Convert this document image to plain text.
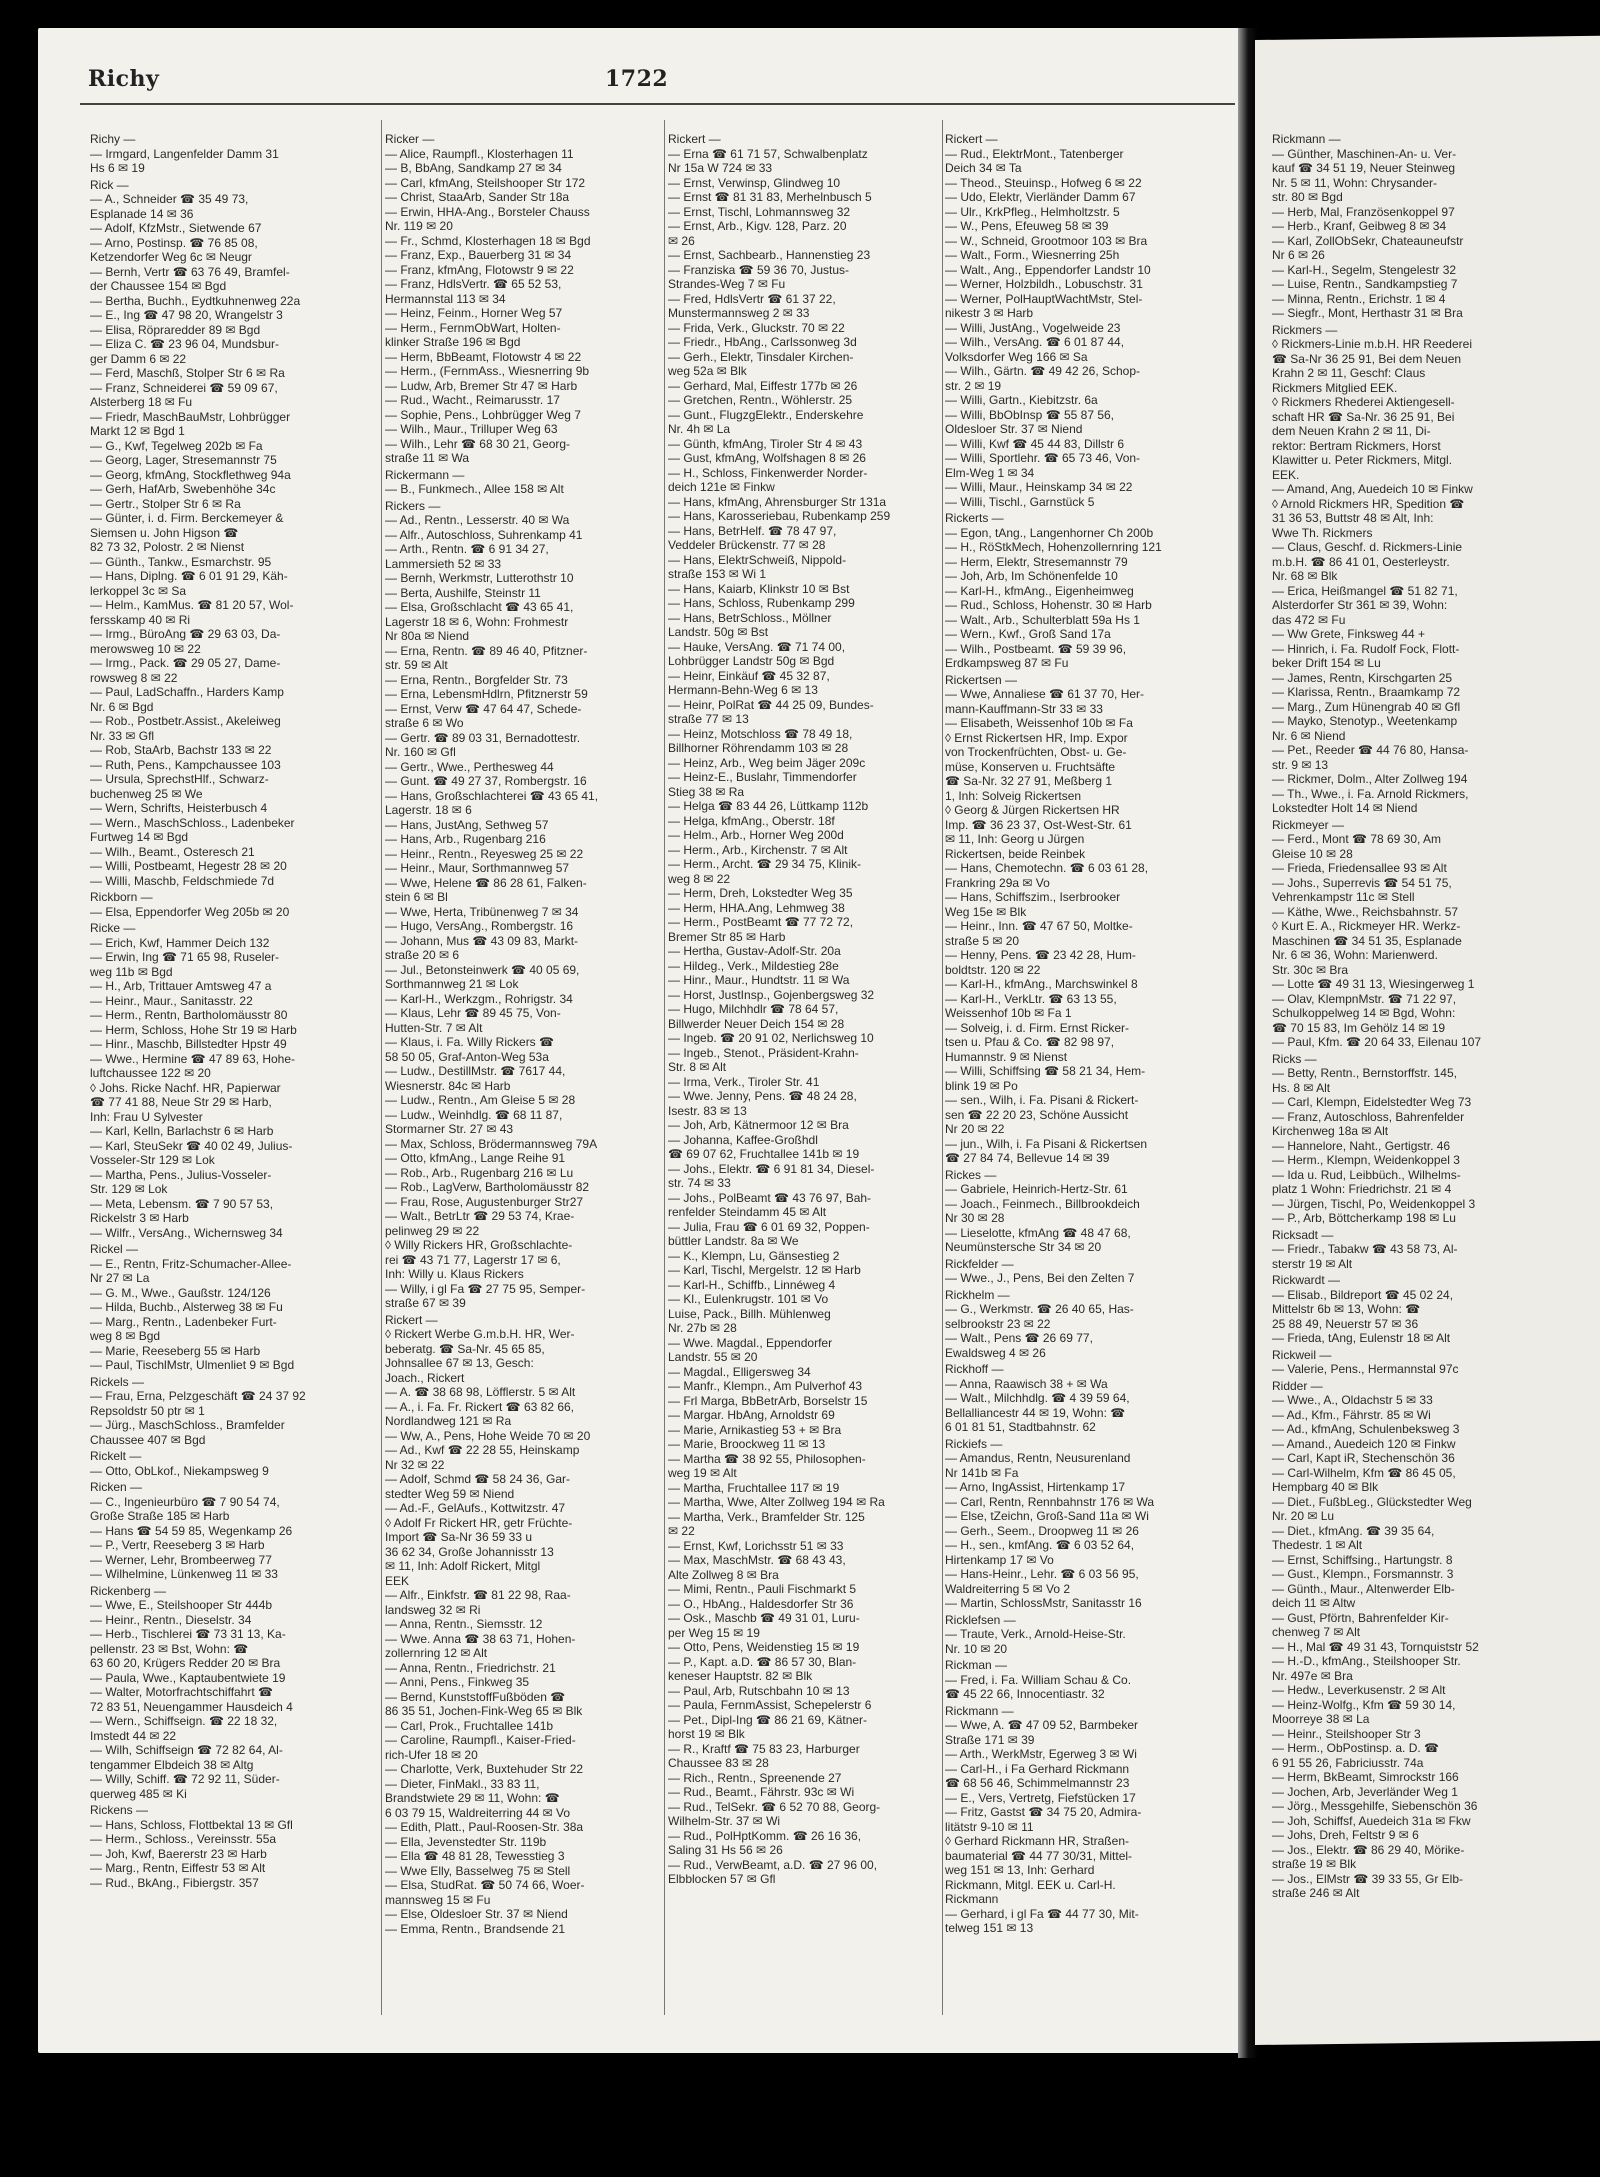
Richy	1722
Richy —
— Irmgard, Langenfelder Damm 31
Hs 6 ✉ 19
Rick —
— A., Schneider ☎ 35 49 73,
Esplanade 14 ✉ 36
— Adolf, KfzMstr., Sietwende 67
— Arno, Postinsp. ☎ 76 85 08,
Ketzendorfer Weg 6c ✉ Neugr
— Bernh, Vertr ☎ 63 76 49, Bramfel-
der Chaussee 154 ✉ Bgd
— Bertha, Buchh., Eydtkuhnenweg 22a
— E., Ing ☎ 47 98 20, Wrangelstr 3
— Elisa, Röpraredder 89 ✉ Bgd
— Eliza C. ☎ 23 96 04, Mundsbur-
ger Damm 6 ✉ 22
— Ferd, Maschß, Stolper Str 6 ✉ Ra
— Franz, Schneiderei ☎ 59 09 67,
Alsterberg 18 ✉ Fu
— Friedr, MaschBauMstr, Lohbrügger
Markt 12 ✉ Bgd 1
— G., Kwf, Tegelweg 202b ✉ Fa
— Georg, Lager, Stresemannstr 75
— Georg, kfmAng, Stockflethweg 94a
— Gerh, HafArb, Swebenhöhe 34c
— Gertr., Stolper Str 6 ✉ Ra
— Günter, i. d. Firm. Berckemeyer &
Siemsen u. John Higson ☎
82 73 32, Polostr. 2 ✉ Nienst
— Günth., Tankw., Esmarchstr. 95
— Hans, Diplng. ☎ 6 01 91 29, Käh-
lerkoppel 3c ✉ Sa
— Helm., KamMus. ☎ 81 20 57, Wol-
fersskamp 40 ✉ Ri
— Irmg., BüroAng ☎ 29 63 03, Da-
merowsweg 10 ✉ 22
— Irmg., Pack. ☎ 29 05 27, Dame-
rowsweg 8 ✉ 22
— Paul, LadSchaffn., Harders Kamp
Nr. 6 ✉ Bgd
— Rob., Postbetr.Assist., Akeleiweg
Nr. 33 ✉ Gfl
— Rob, StaArb, Bachstr 133 ✉ 22
— Ruth, Pens., Kampchaussee 103
— Ursula, SprechstHlf., Schwarz-
buchenweg 25 ✉ We
— Wern, Schrifts, Heisterbusch 4
— Wern., MaschSchloss., Ladenbeker
Furtweg 14 ✉ Bgd
— Wilh., Beamt., Osteresch 21
— Willi, Postbeamt, Hegestr 28 ✉ 20
— Willi, Maschb, Feldschmiede 7d
Rickborn —
— Elsa, Eppendorfer Weg 205b ✉ 20
Ricke —
— Erich, Kwf, Hammer Deich 132
— Erwin, Ing ☎ 71 65 98, Ruseler-
weg 11b ✉ Bgd
— H., Arb, Trittauer Amtsweg 47 a
— Heinr., Maur., Sanitasstr. 22
— Herm., Rentn, Bartholomäusstr 80
— Herm, Schloss, Hohe Str 19 ✉ Harb
— Hinr., Maschb, Billstedter Hpstr 49
— Wwe., Hermine ☎ 47 89 63, Hohe-
luftchaussee 122 ✉ 20
◊ Johs. Ricke Nachf. HR, Papierwar
☎ 77 41 88, Neue Str 29 ✉ Harb,
Inh: Frau U Sylvester
— Karl, Kelln, Barlachstr 6 ✉ Harb
— Karl, SteuSekr ☎ 40 02 49, Julius-
Vosseler-Str 129 ✉ Lok
— Martha, Pens., Julius-Vosseler-
Str. 129 ✉ Lok
— Meta, Lebensm. ☎ 7 90 57 53,
Rickelstr 3 ✉ Harb
— Wilfr., VersAng., Wichernsweg 34
Rickel —
— E., Rentn, Fritz-Schumacher-Allee-
Nr 27 ✉ La
— G. M., Wwe., Gaußstr. 124/126
— Hilda, Buchb., Alsterweg 38 ✉ Fu
— Marg., Rentn., Ladenbeker Furt-
weg 8 ✉ Bgd
— Marie, Reeseberg 55 ✉ Harb
— Paul, TischlMstr, Ulmenliet 9 ✉ Bgd
Rickels —
— Frau, Erna, Pelzgeschäft ☎ 24 37 92
Repsoldstr 50 ptr ✉ 1
— Jürg., MaschSchloss., Bramfelder
Chaussee 407 ✉ Bgd
Rickelt —
— Otto, ObLkof., Niekampsweg 9
Ricken —
— C., Ingenieurbüro ☎ 7 90 54 74,
Große Straße 185 ✉ Harb
— Hans ☎ 54 59 85, Wegenkamp 26
— P., Vertr, Reeseberg 3 ✉ Harb
— Werner, Lehr, Brombeerweg 77
— Wilhelmine, Lünkenweg 11 ✉ 33
Rickenberg —
— Wwe, E., Steilshooper Str 444b
— Heinr., Rentn., Dieselstr. 34
— Herb., Tischlerei ☎ 73 31 13, Ka-
pellenstr. 23 ✉ Bst, Wohn: ☎
63 60 20, Krügers Redder 20 ✉ Bra
— Paula, Wwe., Kaptaubentwiete 19
— Walter, Motorfrachtschiffahrt ☎
72 83 51, Neuengammer Hausdeich 4
— Wern., Schiffseign. ☎ 22 18 32,
Imstedt 44 ✉ 22
— Wilh, Schiffseign ☎ 72 82 64, Al-
tengammer Elbdeich 38 ✉ Altg
— Willy, Schiff. ☎ 72 92 11, Süder-
querweg 485 ✉ Ki
Rickens —
— Hans, Schloss, Flottbektal 13 ✉ Gfl
— Herm., Schloss., Vereinsstr. 55a
— Joh, Kwf, Baererstr 23 ✉ Harb
— Marg., Rentn, Eiffestr 53 ✉ Alt
— Rud., BkAng., Fibiergstr. 357
Ricker —
— Alice, Raumpfl., Klosterhagen 11
— B, BbAng, Sandkamp 27 ✉ 34
— Carl, kfmAng, Steilshooper Str 172
— Christ, StaaArb, Sander Str 18a
— Erwin, HHA-Ang., Borsteler Chauss
Nr. 119 ✉ 20
— Fr., Schmd, Klosterhagen 18 ✉ Bgd
— Franz, Exp., Bauerberg 31 ✉ 34
— Franz, kfmAng, Flotowstr 9 ✉ 22
— Franz, HdlsVertr. ☎ 65 52 53,
Hermannstal 113 ✉ 34
— Heinz, Feinm., Horner Weg 57
— Herm., FernmObWart, Holten-
klinker Straße 196 ✉ Bgd
— Herm, BbBeamt, Flotowstr 4 ✉ 22
— Herm., (FernmAss., Wiesnerring 9b
— Ludw, Arb, Bremer Str 47 ✉ Harb
— Rud., Wacht., Reimarusstr. 17
— Sophie, Pens., Lohbrügger Weg 7
— Wilh., Maur., Trilluper Weg 63
— Wilh., Lehr ☎ 68 30 21, Georg-
straße 11 ✉ Wa
Rickermann —
— B., Funkmech., Allee 158 ✉ Alt
Rickers —
— Ad., Rentn., Lesserstr. 40 ✉ Wa
— Alfr., Autoschloss, Suhrenkamp 41
— Arth., Rentn. ☎ 6 91 34 27,
Lammersieth 52 ✉ 33
— Bernh, Werkmstr, Lutterothstr 10
— Berta, Aushilfe, Steinstr 11
— Elsa, Großschlacht ☎ 43 65 41,
Lagerstr 18 ✉ 6, Wohn: Frohmestr
Nr 80a ✉ Niend
— Erna, Rentn. ☎ 89 46 40, Pfitzner-
str. 59 ✉ Alt
— Erna, Rentn., Borgfelder Str. 73
— Erna, LebensmHdlrn, Pfitznerstr 59
— Ernst, Verw ☎ 47 64 47, Schede-
straße 6 ✉ Wo
— Gertr. ☎ 89 03 31, Bernadottestr.
Nr. 160 ✉ Gfl
— Gertr., Wwe., Perthesweg 44
— Gunt. ☎ 49 27 37, Rombergstr. 16
— Hans, Großschlachterei ☎ 43 65 41,
Lagerstr. 18 ✉ 6
— Hans, JustAng, Sethweg 57
— Hans, Arb., Rugenbarg 216
— Heinr., Rentn., Reyesweg 25 ✉ 22
— Heinr., Maur, Sorthmannweg 57
— Wwe, Helene ☎ 86 28 61, Falken-
stein 6 ✉ Bl
— Wwe, Herta, Tribünenweg 7 ✉ 34
— Hugo, VersAng., Rombergstr. 16
— Johann, Mus ☎ 43 09 83, Markt-
straße 20 ✉ 6
— Jul., Betonsteinwerk ☎ 40 05 69,
Sorthmannweg 21 ✉ Lok
— Karl-H., Werkzgm., Rohrigstr. 34
— Klaus, Lehr ☎ 89 45 75, Von-
Hutten-Str. 7 ✉ Alt
— Klaus, i. Fa. Willy Rickers ☎
58 50 05, Graf-Anton-Weg 53a
— Ludw., DestillMstr. ☎ 7617 44,
Wiesnerstr. 84c ✉ Harb
— Ludw., Rentn., Am Gleise 5 ✉ 28
— Ludw., Weinhdlg. ☎ 68 11 87,
Stormarner Str. 27 ✉ 43
— Max, Schloss, Brödermannsweg 79A
— Otto, kfmAng., Lange Reihe 91
— Rob., Arb., Rugenbarg 216 ✉ Lu
— Rob., LagVerw, Bartholomäusstr 82
— Frau, Rose, Augustenburger Str27
— Walt., BetrLtr ☎ 29 53 74, Krae-
pelinweg 29 ✉ 22
◊ Willy Rickers HR, Großschlachte-
rei ☎ 43 71 77, Lagerstr 17 ✉ 6,
Inh: Willy u. Klaus Rickers
— Willy, i gl Fa ☎ 27 75 95, Semper-
straße 67 ✉ 39
Rickert —
◊ Rickert Werbe G.m.b.H. HR, Wer-
beberatg. ☎ Sa-Nr. 45 65 85,
Johnsallee 67 ✉ 13, Gesch:
Joach., Rickert
— A. ☎ 38 68 98, Löfflerstr. 5 ✉ Alt
— A., i. Fa. Fr. Rickert ☎ 63 82 66,
Nordlandweg 121 ✉ Ra
— Ww, A., Pens, Hohe Weide 70 ✉ 20
— Ad., Kwf ☎ 22 28 55, Heinskamp
Nr 32 ✉ 22
— Adolf, Schmd ☎ 58 24 36, Gar-
stedter Weg 59 ✉ Niend
— Ad.-F., GelAufs., Kottwitzstr. 47
◊ Adolf Fr Rickert HR, getr Früchte-
Import ☎ Sa-Nr 36 59 33 u
36 62 34, Große Johannisstr 13
✉ 11, Inh: Adolf Rickert, Mitgl
EEK
— Alfr., Einkfstr. ☎ 81 22 98, Raa-
landsweg 32 ✉ Ri
— Anna, Rentn., Siemsstr. 12
— Wwe. Anna ☎ 38 63 71, Hohen-
zollernring 12 ✉ Alt
— Anna, Rentn., Friedrichstr. 21
— Anni, Pens., Finkweg 35
— Bernd, KunststoffFußböden ☎
86 35 51, Jochen-Fink-Weg 65 ✉ Blk
— Carl, Prok., Fruchtallee 141b
— Caroline, Raumpfl., Kaiser-Fried-
rich-Ufer 18 ✉ 20
— Charlotte, Verk, Buxtehuder Str 22
— Dieter, FinMakl., 33 83 11,
Brandstwiete 29 ✉ 11, Wohn: ☎
6 03 79 15, Waldreiterring 44 ✉ Vo
— Edith, Platt., Paul-Roosen-Str. 38a
— Ella, Jevenstedter Str. 119b
— Ella ☎ 48 81 28, Tewesstieg 3
— Wwe Elly, Basselweg 75 ✉ Stell
— Elsa, StudRat. ☎ 50 74 66, Woer-
mannsweg 15 ✉ Fu
— Else, Oldesloer Str. 37 ✉ Niend
— Emma, Rentn., Brandsende 21
Rickert —
— Erna ☎ 61 71 57, Schwalbenplatz
Nr 15a W 724 ✉ 33
— Ernst, Verwinsp, Glindweg 10
— Ernst ☎ 81 31 83, Merhelnbusch 5
— Ernst, Tischl, Lohmannsweg 32
— Ernst, Arb., Kigv. 128, Parz. 20
✉ 26
— Ernst, Sachbearb., Hannenstieg 23
— Franziska ☎ 59 36 70, Justus-
Strandes-Weg 7 ✉ Fu
— Fred, HdlsVertr ☎ 61 37 22,
Munstermannsweg 2 ✉ 33
— Frida, Verk., Gluckstr. 70 ✉ 22
— Friedr., HbAng., Carlssonweg 3d
— Gerh., Elektr, Tinsdaler Kirchen-
weg 52a ✉ Blk
— Gerhard, Mal, Eiffestr 177b ✉ 26
— Gretchen, Rentn., Wöhlerstr. 25
— Gunt., FlugzgElektr., Enderskehre
Nr. 4h ✉ La
— Günth, kfmAng, Tiroler Str 4 ✉ 43
— Gust, kfmAng, Wolfshagen 8 ✉ 26
— H., Schloss, Finkenwerder Norder-
deich 121e ✉ Finkw
— Hans, kfmAng, Ahrensburger Str 131a
— Hans, Karosseriebau, Rubenkamp 259
— Hans, BetrHelf. ☎ 78 47 97,
Veddeler Brückenstr. 77 ✉ 28
— Hans, ElektrSchweiß, Nippold-
straße 153 ✉ Wi 1
— Hans, Kaiarb, Klinkstr 10 ✉ Bst
— Hans, Schloss, Rubenkamp 299
— Hans, BetrSchloss., Möllner
Landstr. 50g ✉ Bst
— Hauke, VersAng. ☎ 71 74 00,
Lohbrügger Landstr 50g ✉ Bgd
— Heinr, Einkäuf ☎ 45 32 87,
Hermann-Behn-Weg 6 ✉ 13
— Heinr, PolRat ☎ 44 25 09, Bundes-
straße 77 ✉ 13
— Heinz, Motschloss ☎ 78 49 18,
Billhorner Röhrendamm 103 ✉ 28
— Heinz, Arb., Weg beim Jäger 209c
— Heinz-E., Buslahr, Timmendorfer
Stieg 38 ✉ Ra
— Helga ☎ 83 44 26, Lüttkamp 112b
— Helga, kfmAng., Oberstr. 18f
— Helm., Arb., Horner Weg 200d
— Herm., Arb., Kirchenstr. 7 ✉ Alt
— Herm., Archt. ☎ 29 34 75, Klinik-
weg 8 ✉ 22
— Herm, Dreh, Lokstedter Weg 35
— Herm, HHA.Ang, Lehmweg 38
— Herm., PostBeamt ☎ 77 72 72,
Bremer Str 85 ✉ Harb
— Hertha, Gustav-Adolf-Str. 20a
— Hildeg., Verk., Mildestieg 28e
— Hinr., Maur., Hundtstr. 11 ✉ Wa
— Horst, JustInsp., Gojenbergsweg 32
— Hugo, Milchhdlr ☎ 78 64 57,
Billwerder Neuer Deich 154 ✉ 28
— Ingeb. ☎ 20 91 02, Nerlichsweg 10
— Ingeb., Stenot., Präsident-Krahn-
Str. 8 ✉ Alt
— Irma, Verk., Tiroler Str. 41
— Wwe. Jenny, Pens. ☎ 48 24 28,
Isestr. 83 ✉ 13
— Joh, Arb, Kätnermoor 12 ✉ Bra
— Johanna, Kaffee-Großhdl
☎ 69 07 62, Fruchtallee 141b ✉ 19
— Johs., Elektr. ☎ 6 91 81 34, Diesel-
str. 74 ✉ 33
— Johs., PolBeamt ☎ 43 76 97, Bah-
renfelder Steindamm 45 ✉ Alt
— Julia, Frau ☎ 6 01 69 32, Poppen-
büttler Landstr. 8a ✉ We
— K., Klempn, Lu, Gänsestieg 2
— Karl, Tischl, Mergelstr. 12 ✉ Harb
— Karl-H., Schiffb., Linnéweg 4
— Kl., Eulenkrugstr. 101 ✉ Vo
Luise, Pack., Billh. Mühlenweg
Nr. 27b ✉ 28
— Wwe. Magdal., Eppendorfer
Landstr. 55 ✉ 20
— Magdal., Elligersweg 34
— Manfr., Klempn., Am Pulverhof 43
— Frl Marga, BbBetrArb, Borselstr 15
— Margar. HbAng, Arnoldstr 69
— Marie, Arnikastieg 53 + ✉ Bra
— Marie, Broockweg 11 ✉ 13
— Martha ☎ 38 92 55, Philosophen-
weg 19 ✉ Alt
— Martha, Fruchtallee 117 ✉ 19
— Martha, Wwe, Alter Zollweg 194 ✉ Ra
— Martha, Verk., Bramfelder Str. 125
✉ 22
— Ernst, Kwf, Lorichsstr 51 ✉ 33
— Max, MaschMstr. ☎ 68 43 43,
Alte Zollweg 8 ✉ Bra
— Mimi, Rentn., Pauli Fischmarkt 5
— O., HbAng., Haldesdorfer Str 36
— Osk., Maschb ☎ 49 31 01, Luru-
per Weg 15 ✉ 19
— Otto, Pens, Weidenstieg 15 ✉ 19
— P., Kapt. a.D. ☎ 86 57 30, Blan-
keneser Hauptstr. 82 ✉ Blk
— Paul, Arb, Rutschbahn 10 ✉ 13
— Paula, FernmAssist, Schepelerstr 6
— Pet., Dipl-Ing ☎ 86 21 69, Kätner-
horst 19 ✉ Blk
— R., Kraftf ☎ 75 83 23, Harburger
Chaussee 83 ✉ 28
— Rich., Rentn., Spreenende 27
— Rud., Beamt., Fährstr. 93c ✉ Wi
— Rud., TelSekr. ☎ 6 52 70 88, Georg-
Wilhelm-Str. 37 ✉ Wi
— Rud., PolHptKomm. ☎ 26 16 36,
Saling 31 Hs 56 ✉ 26
— Rud., VerwBeamt, a.D. ☎ 27 96 00,
Elbblocken 57 ✉ Gfl
Rickert —
— Rud., ElektrMont., Tatenberger
Deich 34 ✉ Ta
— Theod., Steuinsp., Hofweg 6 ✉ 22
— Udo, Elektr, Vierländer Damm 67
— Ulr., KrkPfleg., Helmholtzstr. 5
— W., Pens, Efeuweg 58 ✉ 39
— W., Schneid, Grootmoor 103 ✉ Bra
— Walt., Form., Wiesnerring 25h
— Walt., Ang., Eppendorfer Landstr 10
— Werner, Holzbildh., Lobuschstr. 31
— Werner, PolHauptWachtMstr, Stel-
nikestr 3 ✉ Harb
— Willi, JustAng., Vogelweide 23
— Wilh., VersAng. ☎ 6 01 87 44,
Volksdorfer Weg 166 ✉ Sa
— Wilh., Gärtn. ☎ 49 42 26, Schop-
str. 2 ✉ 19
— Willi, Gartn., Kiebitzstr. 6a
— Willi, BbObInsp ☎ 55 87 56,
Oldesloer Str. 37 ✉ Niend
— Willi, Kwf ☎ 45 44 83, Dillstr 6
— Willi, Sportlehr. ☎ 65 73 46, Von-
Elm-Weg 1 ✉ 34
— Willi, Maur., Heinskamp 34 ✉ 22
— Willi, Tischl., Garnstück 5
Rickerts —
— Egon, tAng., Langenhorner Ch 200b
— H., RöStkMech, Hohenzollernring 121
— Herm, Elektr, Stresemannstr 79
— Joh, Arb, Im Schönenfelde 10
— Karl-H., kfmAng., Eigenheimweg
— Rud., Schloss, Hohenstr. 30 ✉ Harb
— Walt., Arb., Schulterblatt 59a Hs 1
— Wern., Kwf., Groß Sand 17a
— Wilh., Postbeamt. ☎ 59 39 96,
Erdkampsweg 87 ✉ Fu
Rickertsen —
— Wwe, Annaliese ☎ 61 37 70, Her-
mann-Kauffmann-Str 33 ✉ 33
— Elisabeth, Weissenhof 10b ✉ Fa
◊ Ernst Rickertsen HR, Imp. Expor
von Trockenfrüchten, Obst- u. Ge-
müse, Konserven u. Fruchtsäfte
☎ Sa-Nr. 32 27 91, Meßberg 1
1, Inh: Solveig Rickertsen
◊ Georg & Jürgen Rickertsen HR
Imp. ☎ 36 23 37, Ost-West-Str. 61
✉ 11, Inh: Georg u Jürgen
Rickertsen, beide Reinbek
— Hans, Chemotechn. ☎ 6 03 61 28,
Frankring 29a ✉ Vo
— Hans, Schiffszim., Iserbrooker
Weg 15e ✉ Blk
— Heinr., Inn. ☎ 47 67 50, Moltke-
straße 5 ✉ 20
— Henny, Pens. ☎ 23 42 28, Hum-
boldtstr. 120 ✉ 22
— Karl-H., kfmAng., Marchswinkel 8
— Karl-H., VerkLtr. ☎ 63 13 55,
Weissenhof 10b ✉ Fa 1
— Solveig, i. d. Firm. Ernst Ricker-
tsen u. Pfau & Co. ☎ 82 98 97,
Humannstr. 9 ✉ Nienst
— Willi, Schiffsing ☎ 58 21 34, Hem-
blink 19 ✉ Po
— sen., Wilh, i. Fa. Pisani & Rickert-
sen ☎ 22 20 23, Schöne Aussicht
Nr 20 ✉ 22
— jun., Wilh, i. Fa Pisani & Rickertsen
☎ 27 84 74, Bellevue 14 ✉ 39
Rickes —
— Gabriele, Heinrich-Hertz-Str. 61
— Joach., Feinmech., Billbrookdeich
Nr 30 ✉ 28
— Lieselotte, kfmAng ☎ 48 47 68,
Neumünstersche Str 34 ✉ 20
Rickfelder —
— Wwe., J., Pens, Bei den Zelten 7
Rickhelm —
— G., Werkmstr. ☎ 26 40 65, Has-
selbrookstr 23 ✉ 22
— Walt., Pens ☎ 26 69 77,
Ewaldsweg 4 ✉ 26
Rickhoff —
— Anna, Raawisch 38 + ✉ Wa
— Walt., Milchhdlg. ☎ 4 39 59 64,
Bellalliancestr 44 ✉ 19, Wohn: ☎
6 01 81 51, Stadtbahnstr. 62
Rickiefs —
— Amandus, Rentn, Neusurenland
Nr 141b ✉ Fa
— Arno, IngAssist, Hirtenkamp 17
— Carl, Rentn, Rennbahnstr 176 ✉ Wa
— Else, tZeichn, Groß-Sand 11a ✉ Wi
— Gerh., Seem., Droopweg 11 ✉ 26
— H., sen., kmfAng. ☎ 6 03 52 64,
Hirtenkamp 17 ✉ Vo
— Hans-Heinr., Lehr. ☎ 6 03 56 95,
Waldreiterring 5 ✉ Vo 2
— Martin, SchlossMstr, Sanitasstr 16
Ricklefsen —
— Traute, Verk., Arnold-Heise-Str.
Nr. 10 ✉ 20
Rickman —
— Fred, i. Fa. William Schau & Co.
☎ 45 22 66, Innocentiastr. 32
Rickmann —
— Wwe, A. ☎ 47 09 52, Barmbeker
Straße 171 ✉ 39
— Arth., WerkMstr, Egerweg 3 ✉ Wi
— Carl-H., i Fa Gerhard Rickmann
☎ 68 56 46, Schimmelmannstr 23
— E., Vers, Vertretg, Fiefstücken 17
— Fritz, Gastst ☎ 34 75 20, Admira-
litätstr 9-10 ✉ 11
◊ Gerhard Rickmann HR, Straßen-
baumaterial ☎ 44 77 30/31, Mittel-
weg 151 ✉ 13, Inh: Gerhard
Rickmann, Mitgl. EEK u. Carl-H.
Rickmann
— Gerhard, i gl Fa ☎ 44 77 30, Mit-
telweg 151 ✉ 13
Rickmann —
— Günther, Maschinen-An- u. Ver-
kauf ☎ 34 51 19, Neuer Steinweg
Nr. 5 ✉ 11, Wohn: Chrysander-
str. 80 ✉ Bgd
— Herb, Mal, Französenkoppel 97
— Herb., Kranf, Geibweg 8 ✉ 34
— Karl, ZollObSekr, Chateauneufstr
Nr 6 ✉ 26
— Karl-H., Segelm, Stengelestr 32
— Luise, Rentn., Sandkampstieg 7
— Minna, Rentn., Erichstr. 1 ✉ 4
— Siegfr., Mont, Herthastr 31 ✉ Bra
Rickmers —
◊ Rickmers-Linie m.b.H. HR Reederei
☎ Sa-Nr 36 25 91, Bei dem Neuen
Krahn 2 ✉ 11, Geschf: Claus
Rickmers Mitglied EEK.
◊ Rickmers Rhederei Aktiengesell-
schaft HR ☎ Sa-Nr. 36 25 91, Bei
dem Neuen Krahn 2 ✉ 11, Di-
rektor: Bertram Rickmers, Horst
Klawitter u. Peter Rickmers, Mitgl.
EEK.
— Amand, Ang, Auedeich 10 ✉ Finkw
◊ Arnold Rickmers HR, Spedition ☎
31 36 53, Buttstr 48 ✉ Alt, Inh:
Wwe Th. Rickmers
— Claus, Geschf. d. Rickmers-Linie
m.b.H. ☎ 86 41 01, Oesterleystr.
Nr. 68 ✉ Blk
— Erica, Heißmangel ☎ 51 82 71,
Alsterdorfer Str 361 ✉ 39, Wohn:
das 472 ✉ Fu
— Ww Grete, Finksweg 44 +
— Hinrich, i. Fa. Rudolf Fock, Flott-
beker Drift 154 ✉ Lu
— James, Rentn, Kirschgarten 25
— Klarissa, Rentn., Braamkamp 72
— Marg., Zum Hünengrab 40 ✉ Gfl
— Mayko, Stenotyp., Weetenkamp
Nr. 6 ✉ Niend
— Pet., Reeder ☎ 44 76 80, Hansa-
str. 9 ✉ 13
— Rickmer, Dolm., Alter Zollweg 194
— Th., Wwe., i. Fa. Arnold Rickmers,
Lokstedter Holt 14 ✉ Niend
Rickmeyer —
— Ferd., Mont ☎ 78 69 30, Am
Gleise 10 ✉ 28
— Frieda, Friedensallee 93 ✉ Alt
— Johs., Superrevis ☎ 54 51 75,
Vehrenkampstr 11c ✉ Stell
— Käthe, Wwe., Reichsbahnstr. 57
◊ Kurt E. A., Rickmeyer HR. Werkz-
Maschinen ☎ 34 51 35, Esplanade
Nr. 6 ✉ 36, Wohn: Marienwerd.
Str. 30c ✉ Bra
— Lotte ☎ 49 31 13, Wiesingerweg 1
— Olav, KlempnMstr. ☎ 71 22 97,
Schulkoppelweg 14 ✉ Bgd, Wohn:
☎ 70 15 83, Im Gehölz 14 ✉ 19
— Paul, Kfm. ☎ 20 64 33, Eilenau 107
Ricks —
— Betty, Rentn., Bernstorffstr. 145,
Hs. 8 ✉ Alt
— Carl, Klempn, Eidelstedter Weg 73
— Franz, Autoschloss, Bahrenfelder
Kirchenweg 18a ✉ Alt
— Hannelore, Naht., Gertigstr. 46
— Herm., Klempn, Weidenkoppel 3
— Ida u. Rud, Leibbüch., Wilhelms-
platz 1 Wohn: Friedrichstr. 21 ✉ 4
— Jürgen, Tischl, Po, Weidenkoppel 3
— P., Arb, Böttcherkamp 198 ✉ Lu
Ricksadt —
— Friedr., Tabakw ☎ 43 58 73, Al-
sterstr 19 ✉ Alt
Rickwardt —
— Elisab., Bildreport ☎ 45 02 24,
Mittelstr 6b ✉ 13, Wohn: ☎
25 88 49, Neuerstr 57 ✉ 36
— Frieda, tAng, Eulenstr 18 ✉ Alt
Rickweil —
— Valerie, Pens., Hermannstal 97c
Ridder —
— Wwe., A., Oldachstr 5 ✉ 33
— Ad., Kfm., Fährstr. 85 ✉ Wi
— Ad., kfmAng, Schulenbeksweg 3
— Amand., Auedeich 120 ✉ Finkw
— Carl, Kapt iR, Stechenschön 36
— Carl-Wilhelm, Kfm ☎ 86 45 05,
Hempbarg 40 ✉ Blk
— Diet., FußbLeg., Glückstedter Weg
Nr. 20 ✉ Lu
— Diet., kfmAng. ☎ 39 35 64,
Thedestr. 1 ✉ Alt
— Ernst, Schiffsing., Hartungstr. 8
— Gust., Klempn., Forsmannstr. 3
— Günth., Maur., Altenwerder Elb-
deich 11 ✉ Altw
— Gust, Pförtn, Bahrenfelder Kir-
chenweg 7 ✉ Alt
— H., Mal ☎ 49 31 43, Tornquiststr 52
— H.-D., kfmAng., Steilshooper Str.
Nr. 497e ✉ Bra
— Hedw., Leverkusenstr. 2 ✉ Alt
— Heinz-Wolfg., Kfm ☎ 59 30 14,
Moorreye 38 ✉ La
— Heinr., Steilshooper Str 3
— Herm., ObPostinsp. a. D. ☎
6 91 55 26, Fabriciusstr. 74a
— Herm, BkBeamt, Simrockstr 166
— Jochen, Arb, Jeverländer Weg 1
— Jörg., Messgehilfe, Siebenschön 36
— Joh, Schiffsf, Auedeich 31a ✉ Fkw
— Johs, Dreh, Feltstr 9 ✉ 6
— Jos., Elektr. ☎ 86 29 40, Mörike-
straße 19 ✉ Blk
— Jos., ElMstr ☎ 39 33 55, Gr Elb-
straße 246 ✉ Alt
